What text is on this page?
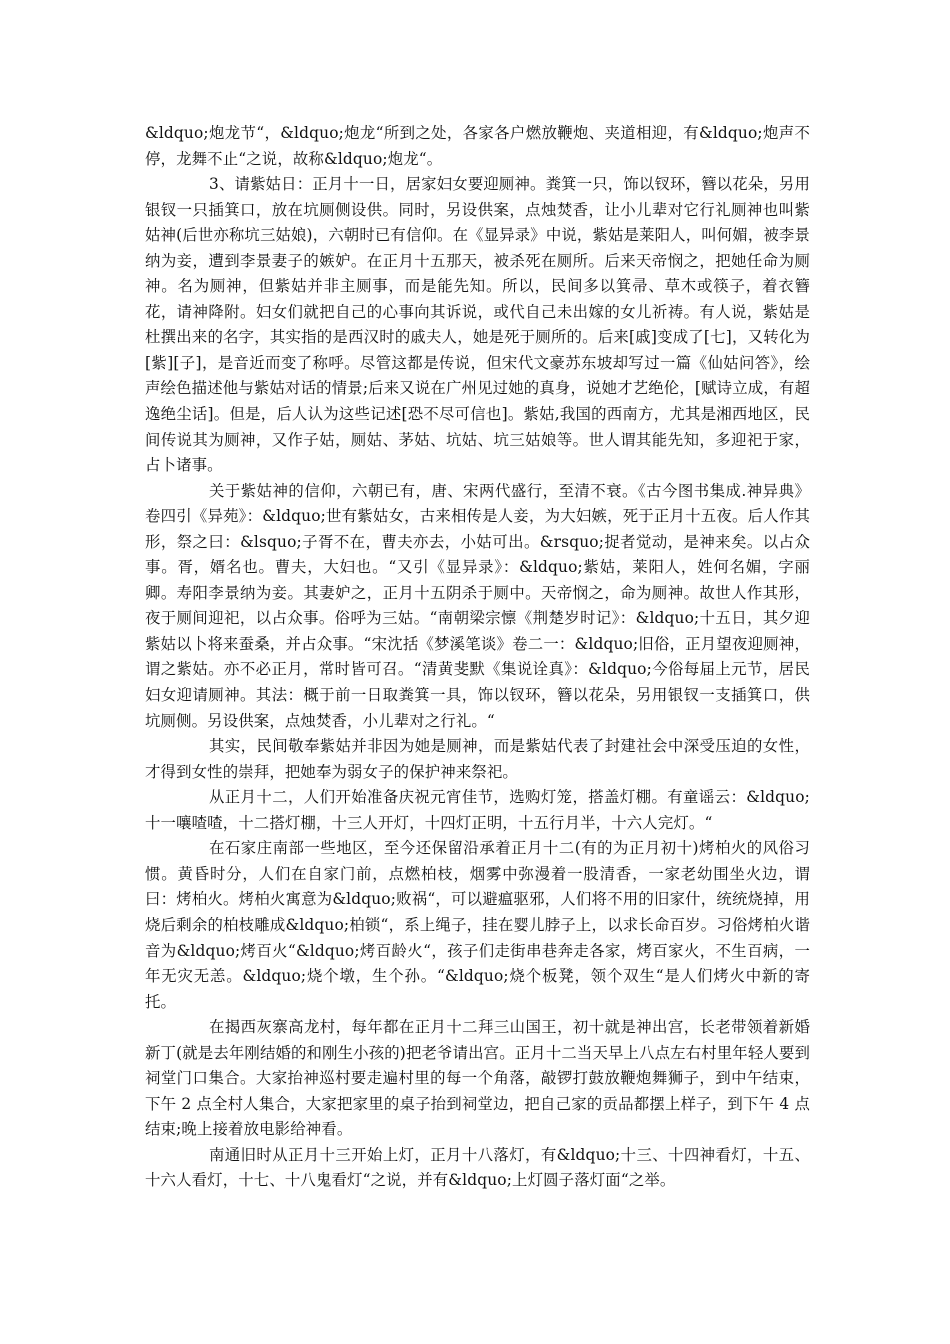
&ldquo;炮龙节“，&ldquo;炮龙“所到之处，各家各户燃放鞭炮、夹道相迎，有&ldquo;炮声不停，龙舞不止“之说，故称&ldquo;炮龙“。

3、请紫姑日：正月十一日，居家妇女要迎厕神。粪箕一只，饰以钗环，簪以花朵，另用银钗一只插箕口，放在坑厕侧设供。同时，另设供案，点烛焚香，让小儿辈对它行礼厕神也叫紫姑神(后世亦称坑三姑娘)，六朝时已有信仰。在《显异录》中说，紫姑是莱阳人，叫何媚，被李景纳为妾，遭到李景妻子的嫉妒。在正月十五那天，被杀死在厕所。后来天帝悯之，把她任命为厕神。名为厕神，但紫姑并非主厕事，而是能先知。所以，民间多以箕帚、草木或筷子，着衣簪花，请神降附。妇女们就把自己的心事向其诉说，或代自己未出嫁的女儿祈祷。有人说，紫姑是杜撰出来的名字，其实指的是西汉时的戚夫人，她是死于厕所的。后来[戚]变成了[七]，又转化为[紫][子]，是音近而变了称呼。尽管这都是传说，但宋代文豪苏东坡却写过一篇《仙姑问答》，绘声绘色描述他与紫姑对话的情景;后来又说在广州见过她的真身，说她才艺绝伦，[赋诗立成，有超逸绝尘话]。但是，后人认为这些记述[恐不尽可信也]。紫姑,我国的西南方，尤其是湘西地区，民间传说其为厕神，又作子姑，厕姑、茅姑、坑姑、坑三姑娘等。世人谓其能先知，多迎祀于家，占卜诸事。

关于紫姑神的信仰，六朝已有，唐、宋两代盛行，至清不衰。《古今图书集成.神异典》卷四引《异苑》：&ldquo;世有紫姑女，古来相传是人妾，为大妇嫉，死于正月十五夜。后人作其形，祭之曰：&lsquo;子胥不在，曹夫亦去，小姑可出。&rsquo;捉者觉动，是神来矣。以占众事。胥，婿名也。曹夫，大妇也。“又引《显异录》：&ldquo;紫姑，莱阳人，姓何名媚，字丽卿。寿阳李景纳为妾。其妻妒之，正月十五阴杀于厕中。天帝悯之，命为厕神。故世人作其形，夜于厕间迎祀，以占众事。俗呼为三姑。“南朝梁宗懔《荆楚岁时记》：&ldquo;十五日，其夕迎紫姑以卜将来蚕桑，并占众事。“宋沈括《梦溪笔谈》卷二一：&ldquo;旧俗，正月望夜迎厕神，谓之紫姑。亦不必正月，常时皆可召。“清黄斐默《集说诠真》：&ldquo;今俗每届上元节，居民妇女迎请厕神。其法：概于前一日取粪箕一具，饰以钗环，簪以花朵，另用银钗一支插箕口，供坑厕侧。另设供案，点烛焚香，小儿辈对之行礼。“

其实，民间敬奉紫姑并非因为她是厕神，而是紫姑代表了封建社会中深受压迫的女性，才得到女性的崇拜，把她奉为弱女子的保护神来祭祀。

从正月十二，人们开始准备庆祝元宵佳节，选购灯笼，搭盖灯棚。有童谣云：&ldquo;十一嚷喳喳，十二搭灯棚，十三人开灯，十四灯正明，十五行月半，十六人完灯。“

在石家庄南部一些地区，至今还保留沿承着正月十二(有的为正月初十)烤柏火的风俗习惯。黄昏时分，人们在自家门前，点燃柏枝，烟雾中弥漫着一股清香，一家老幼围坐火边，谓曰：烤柏火。烤柏火寓意为&ldquo;败祸“，可以避瘟驱邪，人们将不用的旧家什，统统烧掉，用烧后剩余的柏枝雕成&ldquo;柏锁“，系上绳子，挂在婴儿脖子上，以求长命百岁。习俗烤柏火谐音为&ldquo;烤百火“&ldquo;烤百龄火“，孩子们走街串巷奔走各家，烤百家火，不生百病，一年无灾无恙。&ldquo;烧个墩，生个孙。“&ldquo;烧个板凳，领个双生“是人们烤火中新的寄托。

在揭西灰寨高龙村，每年都在正月十二拜三山国王，初十就是神出宫，长老带领着新婚新丁(就是去年刚结婚的和刚生小孩的)把老爷请出宫。正月十二当天早上八点左右村里年轻人要到祠堂门口集合。大家抬神巡村要走遍村里的每一个角落，敲锣打鼓放鞭炮舞狮子，到中午结束，下午 2 点全村人集合，大家把家里的桌子抬到祠堂边，把自己家的贡品都摆上样子，到下午 4 点结束;晚上接着放电影给神看。

南通旧时从正月十三开始上灯，正月十八落灯，有&ldquo;十三、十四神看灯，十五、十六人看灯，十七、十八鬼看灯“之说，并有&ldquo;上灯圆子落灯面“之举。
